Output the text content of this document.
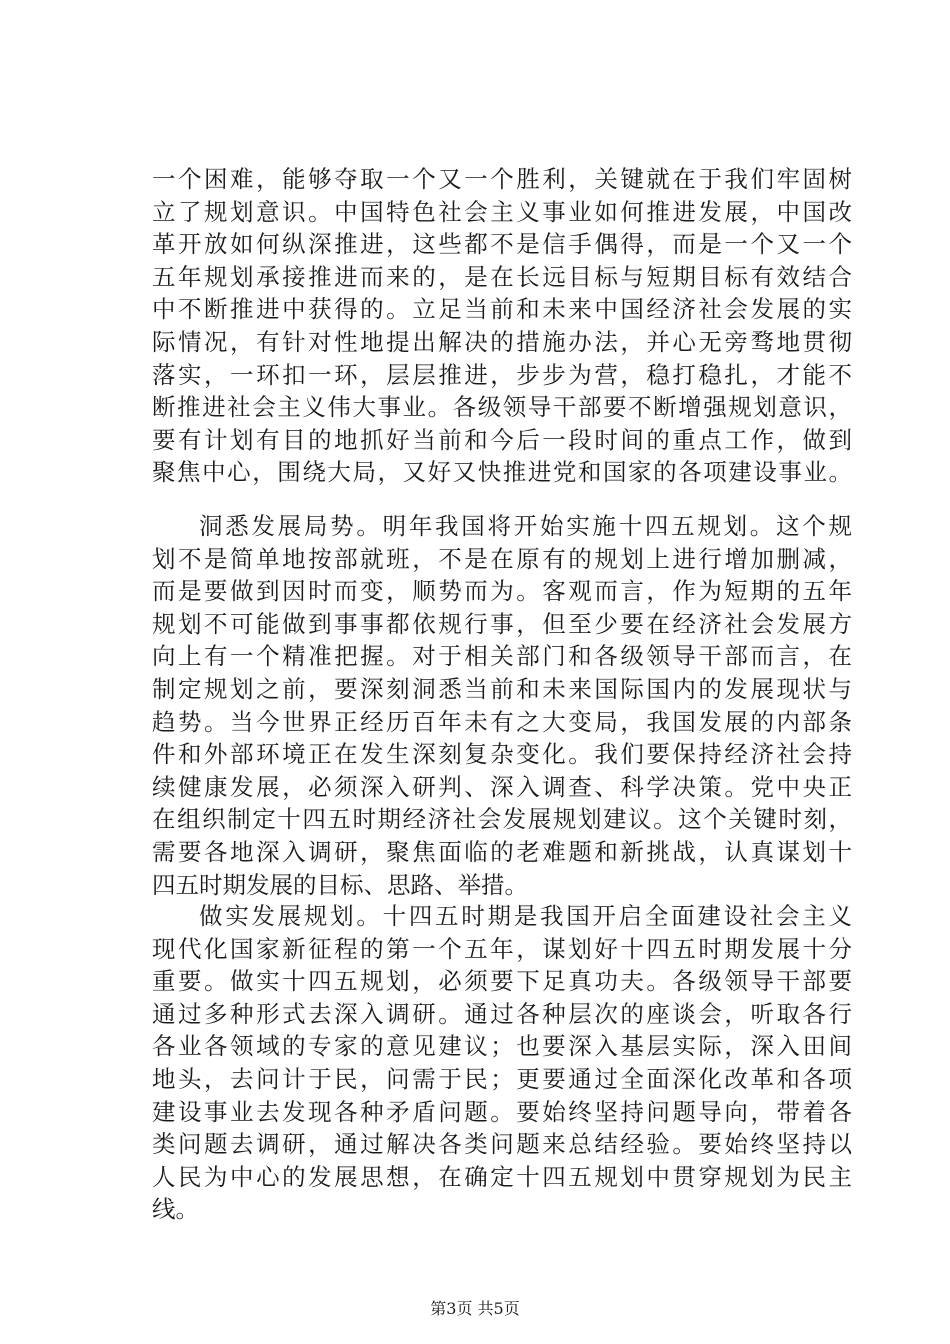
一个困难，能够夺取一个又一个胜利，关键就在于我们牢固树
立了规划意识。中国特色社会主义事业如何推进发展，中国改
革开放如何纵深推进，这些都不是信手偶得，而是一个又一个
五年规划承接推进而来的，是在长远目标与短期目标有效结合
中不断推进中获得的。立足当前和未来中国经济社会发展的实
际情况，有针对性地提出解决的措施办法，并心无旁骛地贯彻
落实，一环扣一环，层层推进，步步为营，稳打稳扎，才能不
断推进社会主义伟大事业。各级领导干部要不断增强规划意识，
要有计划有目的地抓好当前和今后一段时间的重点工作，做到
聚焦中心，围绕大局，又好又快推进党和国家的各项建设事业。
洞悉发展局势。明年我国将开始实施十四五规划。这个规
划不是简单地按部就班，不是在原有的规划上进行增加删减，
而是要做到因时而变，顺势而为。客观而言，作为短期的五年
规划不可能做到事事都依规行事，但至少要在经济社会发展方
向上有一个精准把握。对于相关部门和各级领导干部而言，在
制定规划之前，要深刻洞悉当前和未来国际国内的发展现状与
趋势。当今世界正经历百年未有之大变局，我国发展的内部条
件和外部环境正在发生深刻复杂变化。我们要保持经济社会持
续健康发展，必须深入研判、深入调查、科学决策。党中央正
在组织制定十四五时期经济社会发展规划建议。这个关键时刻，
需要各地深入调研，聚焦面临的老难题和新挑战，认真谋划十
四五时期发展的目标、思路、举措。
做实发展规划。十四五时期是我国开启全面建设社会主义
现代化国家新征程的第一个五年，谋划好十四五时期发展十分
重要。做实十四五规划，必须要下足真功夫。各级领导干部要
通过多种形式去深入调研。通过各种层次的座谈会，听取各行
各业各领域的专家的意见建议；也要深入基层实际，深入田间
地头，去问计于民，问需于民；更要通过全面深化改革和各项
建设事业去发现各种矛盾问题。要始终坚持问题导向，带着各
类问题去调研，通过解决各类问题来总结经验。要始终坚持以
人民为中心的发展思想，在确定十四五规划中贯穿规划为民主
线。
第3页 共5页
